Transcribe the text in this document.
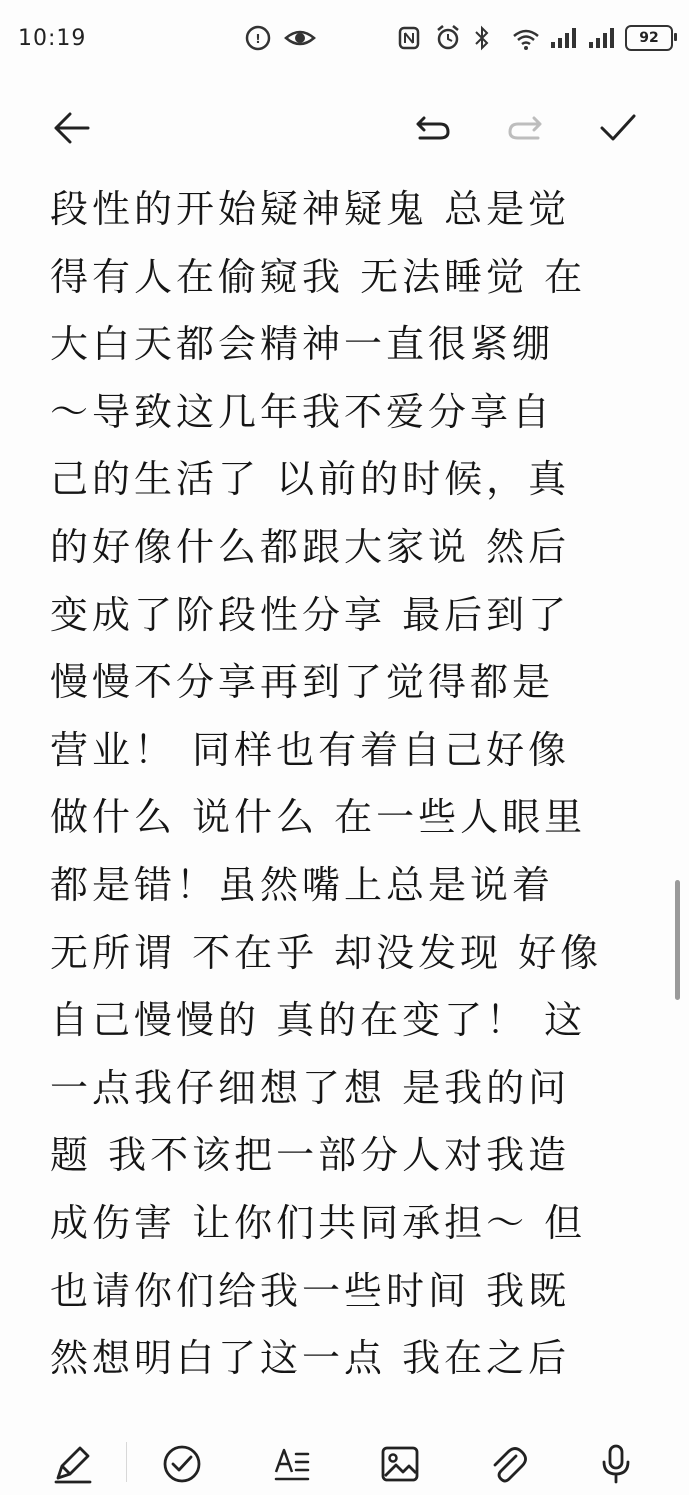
10:19	!	92
段性的开始疑神疑鬼 总是觉
得有人在偷窥我 无法睡觉 在
大白天都会精神一直很紧绷
～导致这几年我不爱分享自
己的生活了 以前的时候，真
的好像什么都跟大家说 然后
变成了阶段性分享 最后到了
慢慢不分享再到了觉得都是
营业！ 同样也有着自己好像
做什么 说什么 在一些人眼里
都是错！虽然嘴上总是说着
无所谓 不在乎 却没发现 好像
自己慢慢的 真的在变了！ 这
一点我仔细想了想 是我的问
题 我不该把一部分人对我造
成伤害 让你们共同承担～ 但
也请你们给我一些时间 我既
然想明白了这一点 我在之后
